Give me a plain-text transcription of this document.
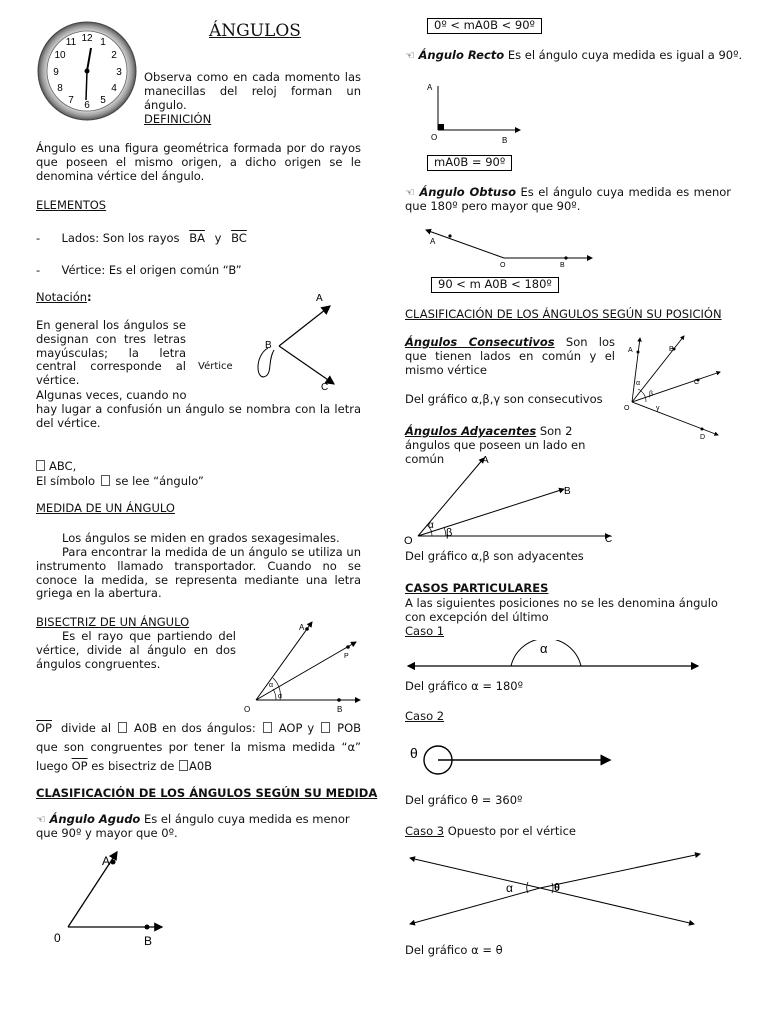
12 1
2
3
4
5
6
7
8
9
10
11
ÁNGULOS
Observa como en cada momento las manecillas del reloj forman un ángulo.
DEFINICIÓN
Ángulo es una figura geométrica formada por do rayos que poseen el mismo origen, a dicho origen se le denomina vértice del ángulo.
ELEMENTOS
- Lados: Son los rayos $\overline{BA}$ y $\overline{BC}$
- Vértice: Es el origen común “B”
Notación:
En general los ángulos se designan con tres letras mayúsculas; la letra central corresponde al vértice.
Algunas veces, cuando no
hay lugar a confusión un ángulo se nombra con la letra del vértice.
Vértice
A
B
C
ABC,
El símbolo se lee “ángulo”
MEDIDA DE UN ÁNGULO
Los ángulos se miden en grados sexagesimales.
Para encontrar la medida de un ángulo se utiliza un instrumento llamado transportador. Cuando no se conoce la medida, se representa mediante una letra griega en la abertura.
BISECTRIZ DE UN ÁNGULO
Es el rayo que partiendo del vértice, divide al ángulo en dos ángulos congruentes.
O
A
P
B
α
α
$\overline{OP}$ divide al A0B en dos ángulos: AOP y POB que son congruentes por tener la misma medida “α” luego $\overline{OP}$ es bisectriz de A0B
CLASIFICACIÓN DE LOS ÁNGULOS SEGÚN SU MEDIDA
☜ Ángulo Agudo Es el ángulo cuya medida es menor que 90º y mayor que 0º.
0
A
B
0º < mA0B < 90º
☜ Ángulo Recto Es el ángulo cuya medida es igual a 90º.
A
O	B
mA0B = 90º
☜ Ángulo Obtuso Es el ángulo cuya medida es menor que 180º pero mayor que 90º.
A
O	B
90 < m A0B < 180º
CLASIFICACIÓN DE LOS ÁNGULOS SEGÚN SU POSICIÓN
Ángulos Consecutivos Son los que tienen lados en común y el mismo vértice
Del gráfico α,β,γ son consecutivos
A	B
C
D
O
α
β
γ
Ángulos Adyacentes Son 2 ángulos que poseen un lado en común	A
B
C
O
α
β
Del gráfico α,β son adyacentes
CASOS PARTICULARES
A las siguientes posiciones no se les denomina ángulo con excepción del último
Caso 1
α
Del gráfico α = 180º
Caso 2
θ
Del gráfico θ = 360º
Caso 3 Opuesto por el vértice
α	θ
Del gráfico α = θ
